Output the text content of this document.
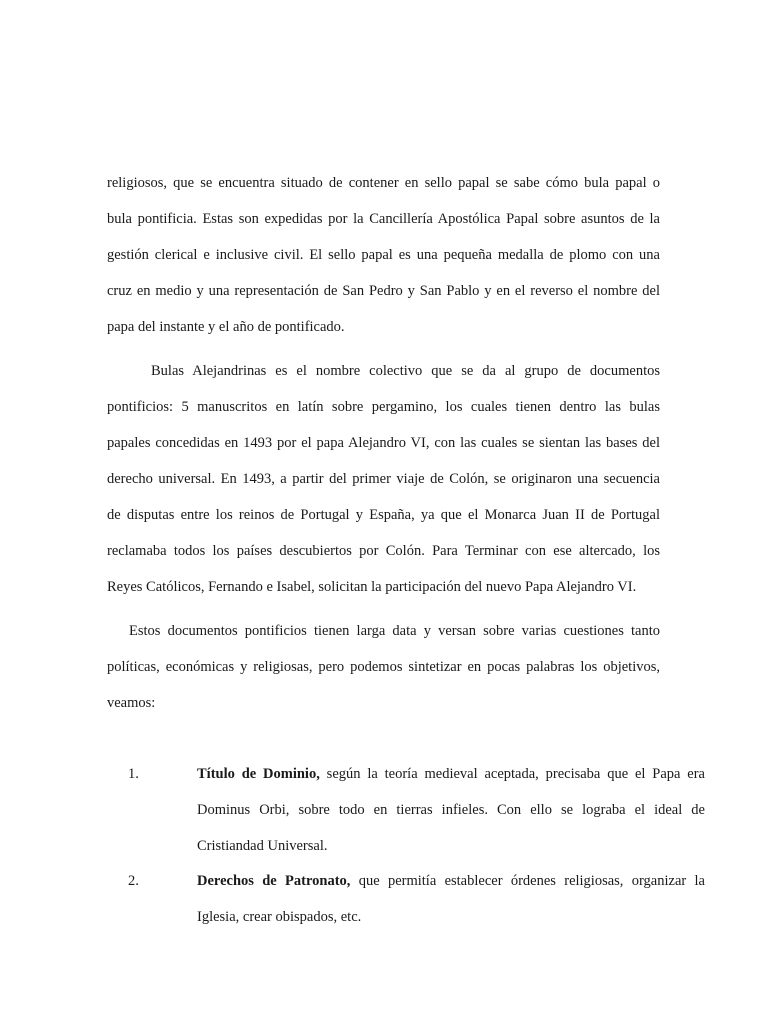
religiosos, que se encuentra situado de contener en sello papal se sabe cómo bula papal o
bula pontificia. Estas son expedidas por la Cancillería Apostólica Papal sobre asuntos de la
gestión clerical e inclusive civil. El sello papal es una pequeña medalla de plomo con una
cruz en medio y una representación de San Pedro y San Pablo y en el reverso el nombre del
papa del instante y el año de pontificado.
Bulas Alejandrinas es el nombre colectivo que se da al grupo de documentos
pontificios: 5 manuscritos en latín sobre pergamino, los cuales tienen dentro las bulas
papales concedidas en 1493 por el papa Alejandro VI, con las cuales se sientan las bases del
derecho universal. En 1493, a partir del primer viaje de Colón, se originaron una secuencia
de disputas entre los reinos de Portugal y España, ya que el Monarca Juan II de Portugal
reclamaba todos los países descubiertos por Colón. Para Terminar con ese altercado, los
Reyes Católicos, Fernando e Isabel, solicitan la participación del nuevo Papa Alejandro VI.
Estos documentos pontificios tienen larga data y versan sobre varias cuestiones tanto
políticas, económicas y religiosas, pero podemos sintetizar en pocas palabras los objetivos,
veamos:
1.	Título de Dominio, según la teoría medieval aceptada, precisaba que el Papa era
Dominus Orbi, sobre todo en tierras infieles. Con ello se lograba el ideal de
Cristiandad Universal.
2.	Derechos de Patronato, que permitía establecer órdenes religiosas, organizar la
Iglesia, crear obispados, etc.
